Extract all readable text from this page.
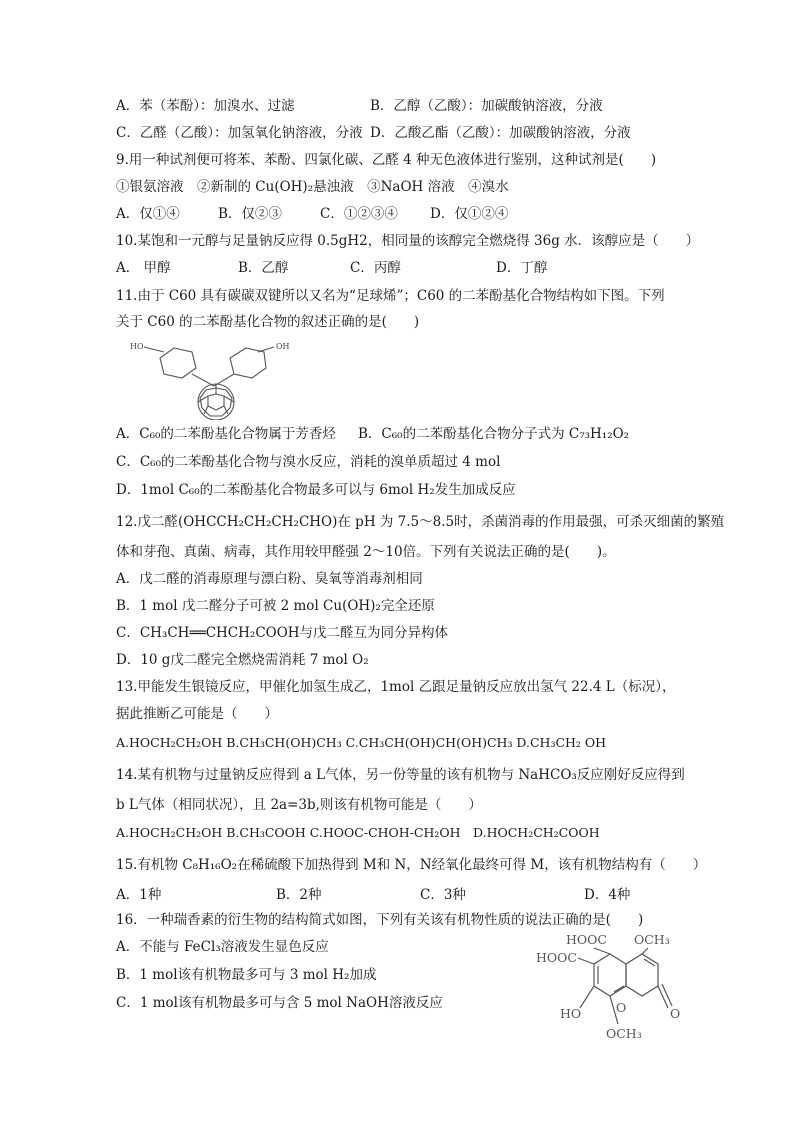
A．苯（苯酚）：加溴水、过滤	B．乙醇（乙酸）：加碳酸钠溶液，分液
C．乙醛（乙酸）：加氢氧化钠溶液，分液 D．乙酸乙酯（乙酸）：加碳酸钠溶液，分液
9.用一种试剂便可将苯、苯酚、四氯化碳、乙醛 4 种无色液体进行鉴别，这种试剂是(　　)
①银氨溶液　②新制的 Cu(OH)₂悬浊液　③NaOH 溶液　④溴水
A．仅①④	B．仅②③	C．①②③④ D．仅①②④
10.某饱和一元醇与足量钠反应得 0.5gH2，相同量的该醇完全燃烧得 36g 水．该醇应是（　　）
A． 甲醇	B．乙醇	C．丙醇	D．丁醇
11.由于 C60 具有碳碳双键所以又名为“足球烯”；C60 的二苯酚基化合物结构如下图。下列
关于 C60 的二苯酚基化合物的叙述正确的是(　　)
HO	OH
A．C₆₀的二苯酚基化合物属于芳香烃 B．C₆₀的二苯酚基化合物分子式为 C₇₃H₁₂O₂
C．C₆₀的二苯酚基化合物与溴水反应，消耗的溴单质超过 4 mol
D．1mol C₆₀的二苯酚基化合物最多可以与 6mol H₂发生加成反应
12.戊二醛(OHCCH₂CH₂CH₂CHO)在 pH 为 7.5～8.5时，杀菌消毒的作用最强，可杀灭细菌的繁殖
体和芽孢、真菌、病毒，其作用较甲醛强 2～10倍。下列有关说法正确的是(　　)。
A．戊二醛的消毒原理与漂白粉、臭氧等消毒剂相同
B．1 mol 戊二醛分子可被 2 mol Cu(OH)₂完全还原
C．CH₃CH══CHCH₂COOH与戊二醛互为同分异构体
D．10 g戊二醛完全燃烧需消耗 7 mol O₂
13.甲能发生银镜反应，甲催化加氢生成乙，1mol 乙跟足量钠反应放出氢气 22.4 L（标况），
据此推断乙可能是（　　）
A.HOCH₂CH₂OH B.CH₃CH(OH)CH₃ C.CH₃CH(OH)CH(OH)CH₃ D.CH₃CH₂ OH
14.某有机物与过量钠反应得到 a L气体，另一份等量的该有机物与 NaHCO₃反应刚好反应得到
b L气体（相同状况），且 2a=3b,则该有机物可能是（　　）
A.HOCH₂CH₂OH B.CH₃COOH C.HOOC-CHOH-CH₂OH　D.HOCH₂CH₂COOH
15.有机物 C₈H₁₆O₂在稀硫酸下加热得到 M和 N，N经氧化最终可得 M，该有机物结构有（　　）
A．1种	B．2种	C．3种	D．4种
16．一种瑞香素的衍生物的结构简式如图，下列有关该有机物性质的说法正确的是(　　)
A．不能与 FeCl₃溶液发生显色反应
B．1 mol该有机物最多可与 3 mol H₂加成
C．1 mol该有机物最多可与含 5 mol NaOH溶液反应
HOOC OCH₃
HOOC
HO	O	O
OCH₃
